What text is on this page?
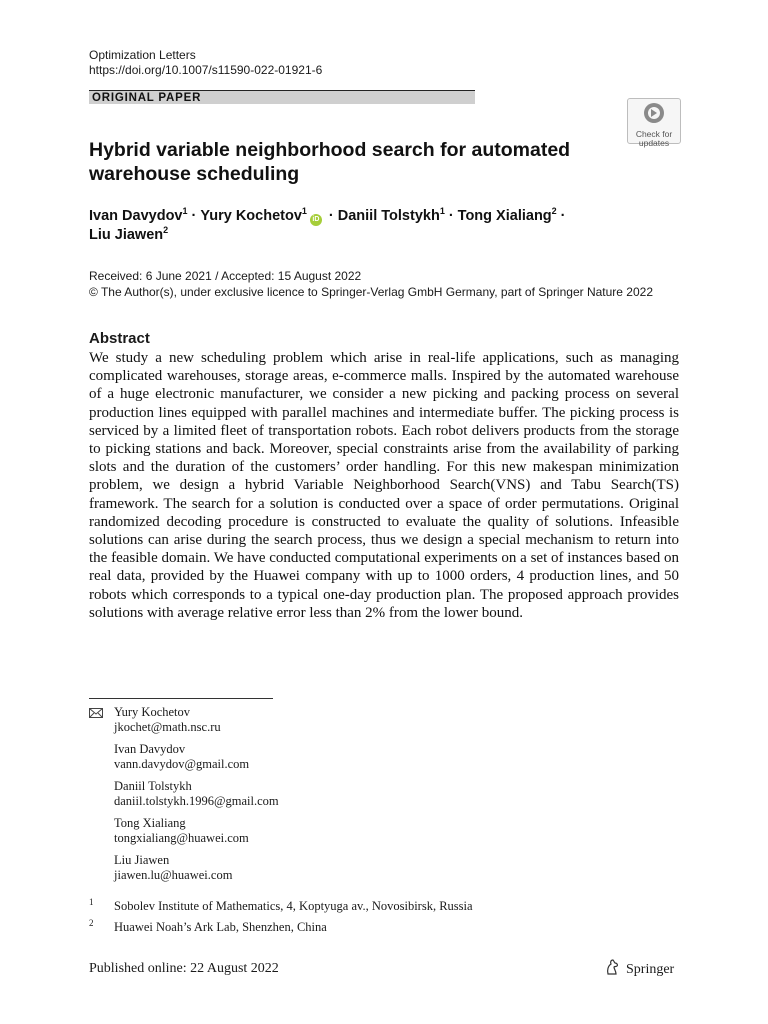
Optimization Letters
https://doi.org/10.1007/s11590-022-01921-6
ORIGINAL PAPER
Check for
updates
Hybrid variable neighborhood search for automated
warehouse scheduling
Ivan Davydov$^1$ · Yury Kochetov$^1$iD · Daniil Tolstykh$^1$ · Tong Xialiang$^2$ ·
Liu Jiawen$^2$
Received: 6 June 2021 / Accepted: 15 August 2022
© The Author(s), under exclusive licence to Springer-Verlag GmbH Germany, part of Springer Nature 2022
Abstract
We study a new scheduling problem which arise in real-life applications, such as managing complicated warehouses, storage areas, e-commerce malls. Inspired by the automated warehouse of a huge electronic manufacturer, we consider a new picking and packing process on several production lines equipped with parallel machines and intermediate buffer. The picking process is serviced by a limited fleet of transportation robots. Each robot delivers products from the storage to picking stations and back. Moreover, special constraints arise from the availability of parking slots and the duration of the customers’ order handling. For this new makespan minimization problem, we design a hybrid Variable Neighborhood Search(VNS) and Tabu Search(TS) framework. The search for a solution is conducted over a space of order permutations. Original randomized decoding procedure is constructed to evaluate the quality of solutions. Infeasible solutions can arise during the search process, thus we design a special mechanism to return into the feasible domain. We have conducted computational experiments on a set of instances based on real data, provided by the Huawei company with up to 1000 orders, 4 production lines, and 50 robots which corresponds to a typical one-day production plan. The proposed approach provides solutions with average relative error less than 2% from the lower bound.
Yury Kochetov
jkochet@math.nsc.ru
Ivan Davydov
vann.davydov@gmail.com
Daniil Tolstykh
daniil.tolstykh.1996@gmail.com
Tong Xialiang
tongxialiang@huawei.com
Liu Jiawen
jiawen.lu@huawei.com
1 Sobolev Institute of Mathematics, 4, Koptyuga av., Novosibirsk, Russia
2 Huawei Noah’s Ark Lab, Shenzhen, China
Published online: 22 August 2022	Springer
